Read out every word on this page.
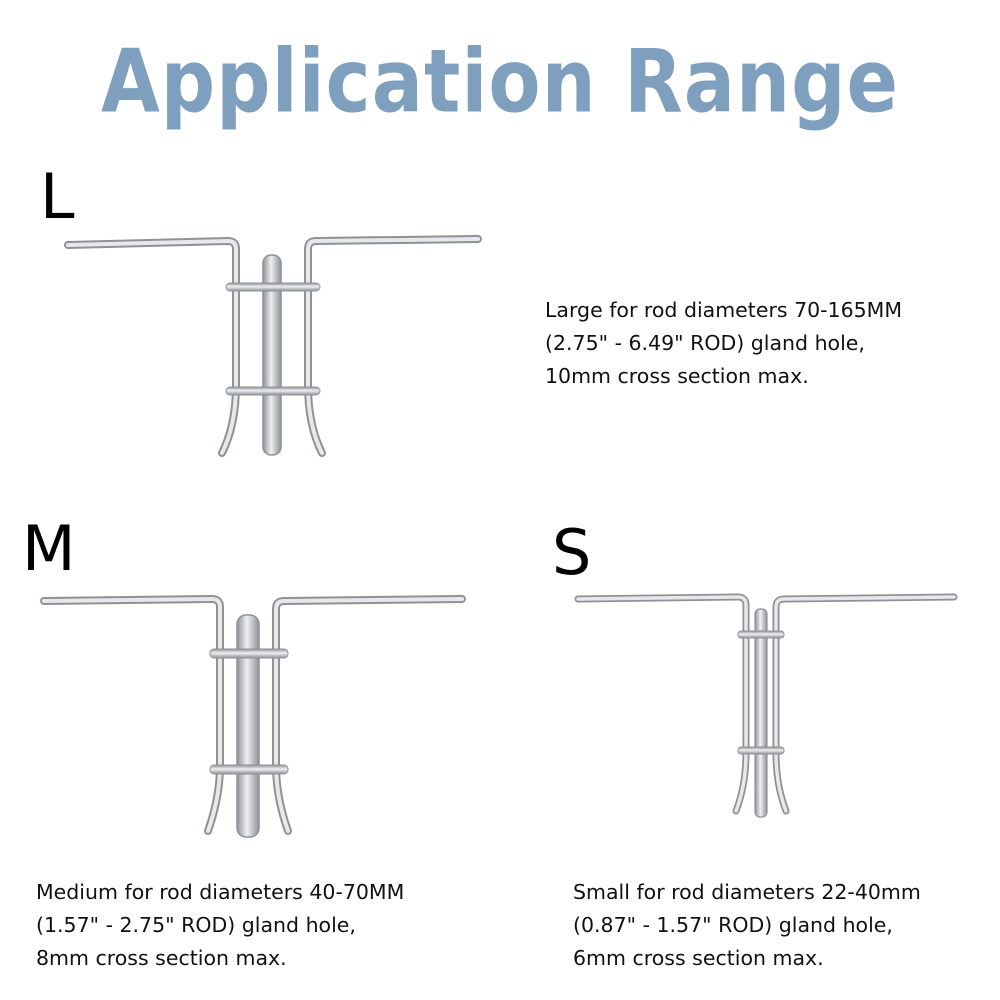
Application Range
L
Large for rod diameters 70-165MM
(2.75" - 6.49" ROD) gland hole,
10mm cross section max.
M
Medium for rod diameters 40-70MM
(1.57" - 2.75" ROD) gland hole,
8mm cross section max.
S
Small for rod diameters 22-40mm
(0.87" - 1.57" ROD) gland hole,
6mm cross section max.
